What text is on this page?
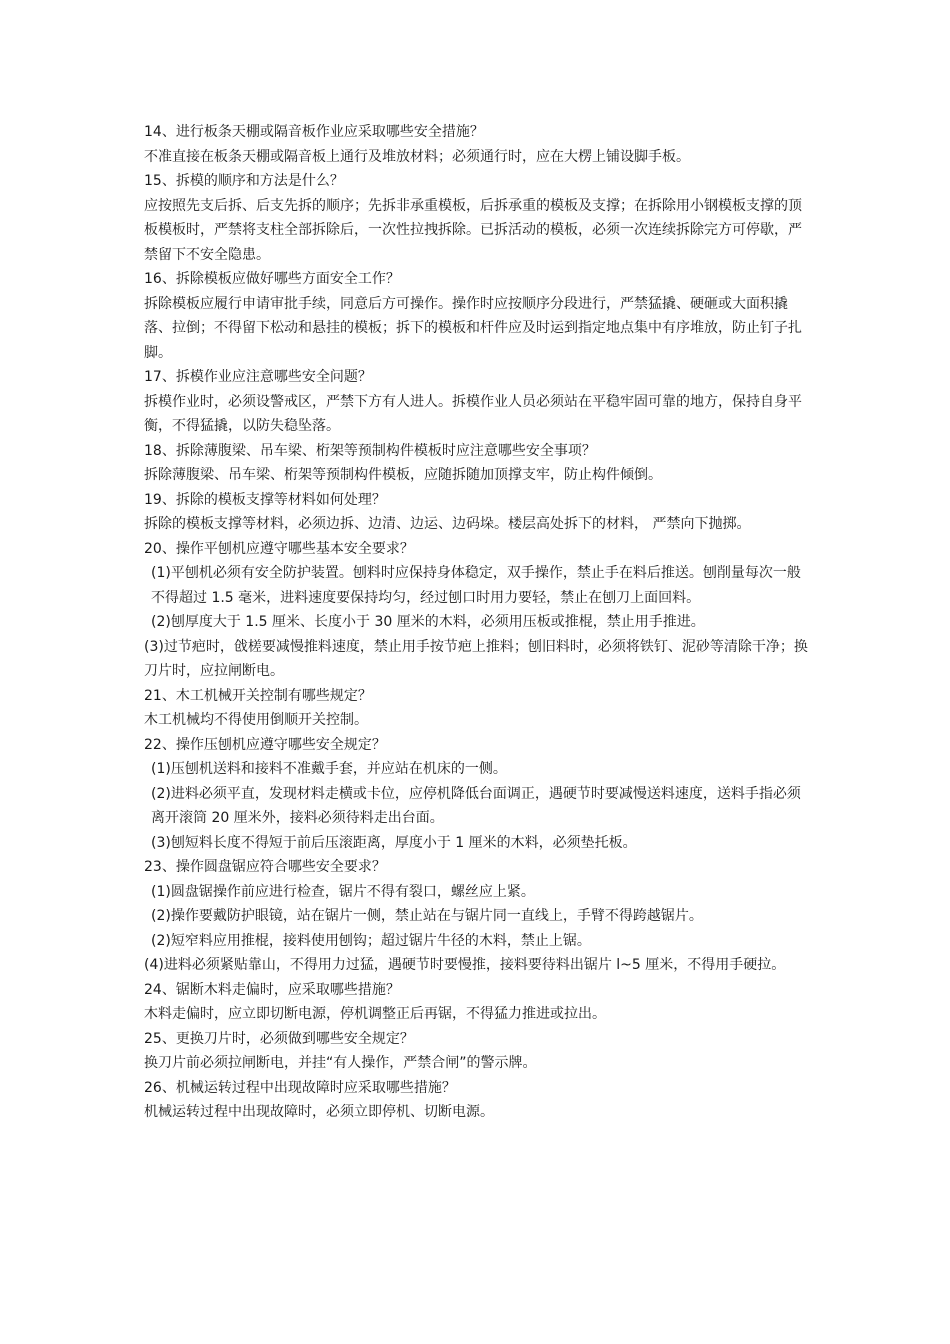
14、进行板条天棚或隔音板作业应采取哪些安全措施？

不准直接在板条天棚或隔音板上通行及堆放材料；必须通行时，应在大楞上铺设脚手板。

15、拆模的顺序和方法是什么？

应按照先支后拆、后支先拆的顺序；先拆非承重模板，后拆承重的模板及支撑；在拆除用小钢模板支撑的顶板模板时，严禁将支柱全部拆除后，一次性拉拽拆除。已拆活动的模板，必须一次连续拆除完方可停歇，严禁留下不安全隐患。

16、拆除模板应做好哪些方面安全工作？

拆除模板应履行申请审批手续，同意后方可操作。操作时应按顺序分段进行，严禁猛撬、硬砸或大面积撬落、拉倒；不得留下松动和悬挂的模板；拆下的模板和杆件应及时运到指定地点集中有序堆放，防止钉子扎脚。

17、拆模作业应注意哪些安全问题？

拆模作业时，必须设警戒区，严禁下方有人进人。拆模作业人员必须站在平稳牢固可靠的地方，保持自身平衡，不得猛撬，以防失稳坠落。

18、拆除薄腹梁、吊车梁、桁架等预制构件模板时应注意哪些安全事项？

拆除薄腹梁、吊车梁、桁架等预制构件模板，应随拆随加顶撑支牢，防止构件倾倒。

19、拆除的模板支撑等材料如何处理？

拆除的模板支撑等材料，必须边拆、边清、边运、边码垛。楼层高处拆下的材料， 严禁向下抛掷。

20、操作平刨机应遵守哪些基本安全要求？

(1)平刨机必须有安全防护装置。刨料时应保持身体稳定，双手操作，禁止手在料后推送。刨削量每次一般不得超过 1.5 毫米，进料速度要保持均匀，经过刨口时用力要轻，禁止在刨刀上面回料。

(2)刨厚度大于 1.5 厘米、长度小于 30 厘米的木料，必须用压板或推棍，禁止用手推进。

(3)过节疤时，戗槎要减慢推料速度，禁止用手按节疤上推料；刨旧料时，必须将铁钉、泥砂等清除干净；换刀片时，应拉闸断电。

21、木工机械开关控制有哪些规定？

木工机械均不得使用倒顺开关控制。

22、操作压刨机应遵守哪些安全规定？

(1)压刨机送料和接料不准戴手套，并应站在机床的一侧。

(2)进料必须平直，发现材料走横或卡位，应停机降低台面调正，遇硬节时要减慢送料速度，送料手指必须离开滚筒 20 厘米外，接料必须待料走出台面。

(3)刨短料长度不得短于前后压滚距离，厚度小于 1 厘米的木料，必须垫托板。

23、操作圆盘锯应符合哪些安全要求？

(1)圆盘锯操作前应进行检查，锯片不得有裂口，螺丝应上紧。

(2)操作要戴防护眼镜，站在锯片一侧，禁止站在与锯片同一直线上，手臂不得跨越锯片。

(2)短窄料应用推棍，接料使用刨钩；超过锯片牛径的木料，禁止上锯。

(4)进料必须紧贴靠山，不得用力过猛，遇硬节时要慢推，接料要待料出锯片 l~5 厘米，不得用手硬拉。

24、锯断木料走偏时，应采取哪些措施？

木料走偏时，应立即切断电源，停机调整正后再锯，不得猛力推进或拉出。

25、更换刀片时，必须做到哪些安全规定？

换刀片前必须拉闸断电，并挂“有人操作，严禁合闸”的警示牌。

26、机械运转过程中出现故障时应采取哪些措施？

机械运转过程中出现故障时，必须立即停机、切断电源。
